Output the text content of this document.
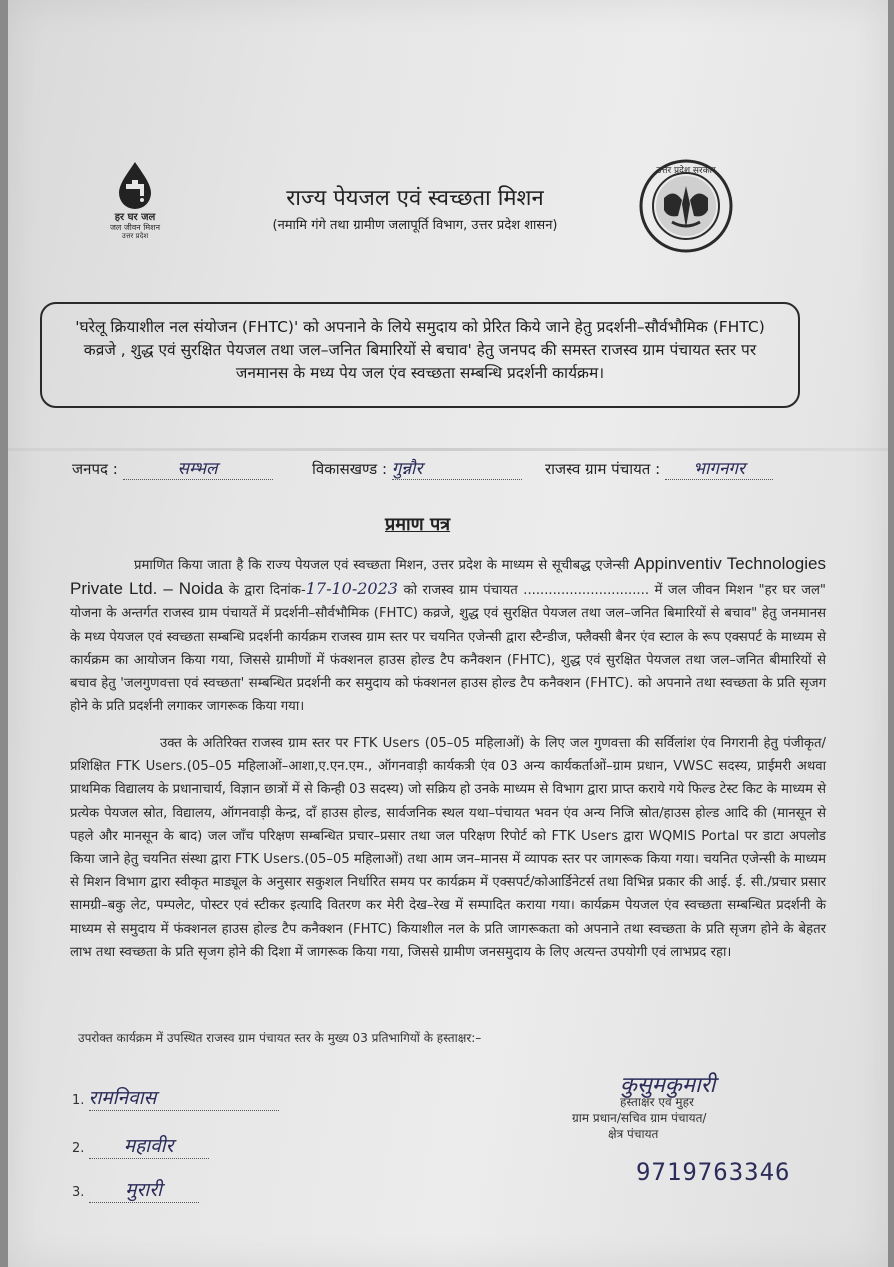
हर घर जल
जल जीवन मिशन
उत्तर प्रदेश
उत्तर प्रदेश सरकार
राज्य पेयजल एवं स्वच्छता मिशन
(नमामि गंगे तथा ग्रामीण जलापूर्ति विभाग, उत्तर प्रदेश शासन)
'घरेलू क्रियाशील नल संयोजन (FHTC)' को अपनाने के लिये समुदाय को प्रेरित किये जाने हेतु प्रदर्शनी–सौर्वभौमिक (FHTC) कव्रजे , शुद्ध एवं सुरक्षित पेयजल तथा जल–जनित बिमारियों से बचाव' हेतु जनपद की समस्त राजस्व ग्राम पंचायत स्तर पर जनमानस के मध्य पेय जल एंव स्वच्छता सम्बन्धि प्रदर्शनी कार्यक्रम।
जनपद :	सम्भल	विकासखण्ड : गुन्नौर	राजस्व ग्राम पंचायत : भागनगर
प्रमाण पत्र

प्रमाणित किया जाता है कि राज्य पेयजल एवं स्वच्छता मिशन, उत्तर प्रदेश के माध्यम से सूचीबद्ध एजेन्सी Appinventiv Technologies Private Ltd. – Noida के द्वारा दिनांक-17-10-2023 को राजस्व ग्राम पंचायत .............................. में जल जीवन मिशन "हर घर जल" योजना के अन्तर्गत राजस्व ग्राम पंचायतें में प्रदर्शनी–सौर्वभौमिक (FHTC) कव्रजे, शुद्ध एवं सुरक्षित पेयजल तथा जल–जनित बिमारियों से बचाव" हेतु जनमानस के मध्य पेयजल एवं स्वच्छता सम्बन्धि प्रदर्शनी कार्यक्रम राजस्व ग्राम स्तर पर चयनित एजेन्सी द्वारा स्टैन्डीज, फ्लैक्सी बैनर एंव स्टाल के रूप एक्सपर्ट के माध्यम से कार्यक्रम का आयोजन किया गया, जिससे ग्रामीणों में फंक्शनल हाउस होल्ड टैप कनैक्शन (FHTC), शुद्ध एवं सुरक्षित पेयजल तथा जल–जनित बीमारियों से बचाव हेतु 'जलगुणवत्ता एवं स्वच्छता' सम्बन्धित प्रदर्शनी कर समुदाय को फंक्शनल हाउस होल्ड टैप कनैक्शन (FHTC). को अपनाने तथा स्वच्छता के प्रति सृजग होने के प्रति प्रदर्शनी लगाकर जागरूक किया गया।

उक्त के अतिरिक्त राजस्व ग्राम स्तर पर FTK Users (05–05 महिलाओं) के लिए जल गुणवत्ता की सर्विलांश एंव निगरानी हेतु पंजीकृत/प्रशिक्षित FTK Users.(05–05 महिलाओं–आशा,ए.एन.एम., ऑगनवाड़ी कार्यकत्री एंव 03 अन्य कार्यकर्ताओं–ग्राम प्रधान, VWSC सदस्य, प्राईमरी अथवा प्राथमिक विद्यालय के प्रधानाचार्य, विज्ञान छात्रों में से किन्ही 03 सदस्य) जो सक्रिय हो उनके माध्यम से विभाग द्वारा प्राप्त कराये गये फिल्ड टेस्ट किट के माध्यम से प्रत्येक पेयजल स्रोत, विद्यालय, ऑगनवाड़ी केन्द्र, दाँ हाउस होल्ड, सार्वजनिक स्थल यथा–पंचायत भवन एंव अन्य निजि स्रोत/हाउस होल्ड आदि की (मानसून से पहले और मानसून के बाद) जल जाँच परिक्षण सम्बन्धित प्रचार–प्रसार तथा जल परिक्षण रिपोर्ट को FTK Users द्वारा WQMIS Portal पर डाटा अपलोड किया जाने हेतु चयनित संस्था द्वारा FTK Users.(05–05 महिलाओं) तथा आम जन–मानस में व्यापक स्तर पर जागरूक किया गया। चयनित एजेन्सी के माध्यम से मिशन विभाग द्वारा स्वीकृत माड्यूल के अनुसार सकुशल निर्धारित समय पर कार्यक्रम में एक्सपर्ट/कोआर्डिनेटर्स तथा विभिन्न प्रकार की आई. ई. सी./प्रचार प्रसार सामग्री–बकु लेट, पम्पलेट, पोस्टर एवं स्टीकर इत्यादि वितरण कर मेरी देख–रेख में सम्पादित कराया गया। कार्यक्रम पेयजल एंव स्वच्छता सम्बन्धित प्रदर्शनी के माध्यम से समुदाय में फंक्शनल हाउस होल्ड टैप कनैक्शन (FHTC) कियाशील नल के प्रति जागरूकता को अपनाने तथा स्वच्छता के प्रति सृजग होने के बेहतर लाभ तथा स्वच्छता के प्रति सृजग होने की दिशा में जागरूक किया गया, जिससे ग्रामीण जनसमुदाय के लिए अत्यन्त उपयोगी एवं लाभप्रद रहा।

उपरोक्त कार्यक्रम में उपस्थित राजस्व ग्राम पंचायत स्तर के मुख्य 03 प्रतिभागियों के हस्ताक्षर:–
1. रामनिवास
2. महावीर
3. मुरारी
कुसुमकुमारी
हस्ताक्षर एवं मुहर
ग्राम प्रधान/सचिव ग्राम पंचायत/
क्षेत्र पंचायत
9719763346
